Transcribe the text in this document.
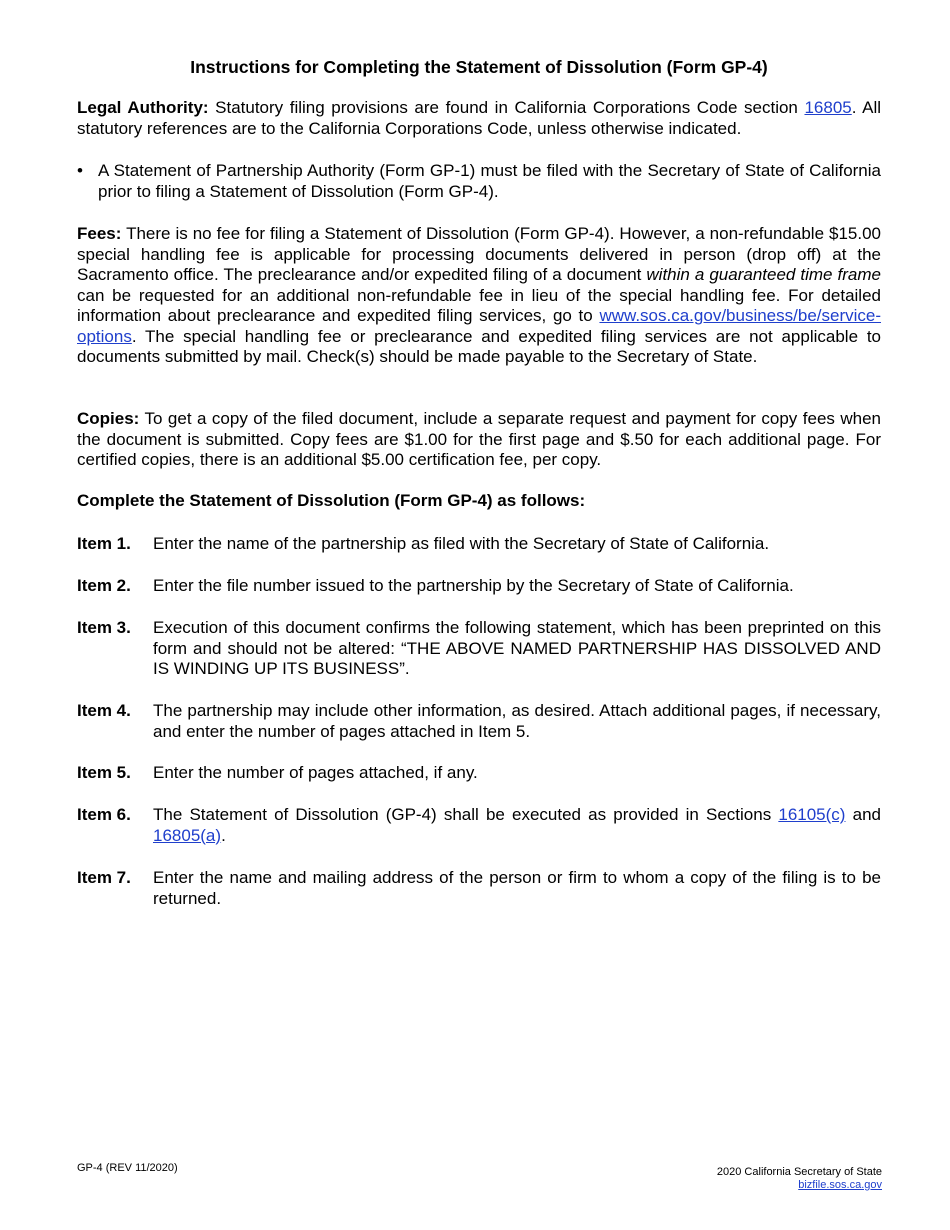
Instructions for Completing the Statement of Dissolution (Form GP-4)
Legal Authority: Statutory filing provisions are found in California Corporations Code section 16805. All statutory references are to the California Corporations Code, unless otherwise indicated.
• A Statement of Partnership Authority (Form GP-1) must be filed with the Secretary of State of California prior to filing a Statement of Dissolution (Form GP-4).
Fees: There is no fee for filing a Statement of Dissolution (Form GP-4). However, a non-refundable $15.00 special handling fee is applicable for processing documents delivered in person (drop off) at the Sacramento office. The preclearance and/or expedited filing of a document within a guaranteed time frame can be requested for an additional non-refundable fee in lieu of the special handling fee. For detailed information about preclearance and expedited filing services, go to www.sos.ca.gov/business/be/service-options. The special handling fee or preclearance and expedited filing services are not applicable to documents submitted by mail. Check(s) should be made payable to the Secretary of State.
Copies: To get a copy of the filed document, include a separate request and payment for copy fees when the document is submitted. Copy fees are $1.00 for the first page and $.50 for each additional page. For certified copies, there is an additional $5.00 certification fee, per copy.
Complete the Statement of Dissolution (Form GP-4) as follows:
Item 1.	Enter the name of the partnership as filed with the Secretary of State of California.
Item 2.	Enter the file number issued to the partnership by the Secretary of State of California.
Item 3.	Execution of this document confirms the following statement, which has been preprinted on this form and should not be altered: “THE ABOVE NAMED PARTNERSHIP HAS DISSOLVED AND IS WINDING UP ITS BUSINESS”.
Item 4.	The partnership may include other information, as desired. Attach additional pages, if necessary, and enter the number of pages attached in Item 5.
Item 5.	Enter the number of pages attached, if any.
Item 6.	The Statement of Dissolution (GP-4) shall be executed as provided in Sections 16105(c) and 16805(a).
Item 7.	Enter the name and mailing address of the person or firm to whom a copy of the filing is to be returned.
GP-4 (REV 11/2020)	2020 California Secretary of State
bizfile.sos.ca.gov
